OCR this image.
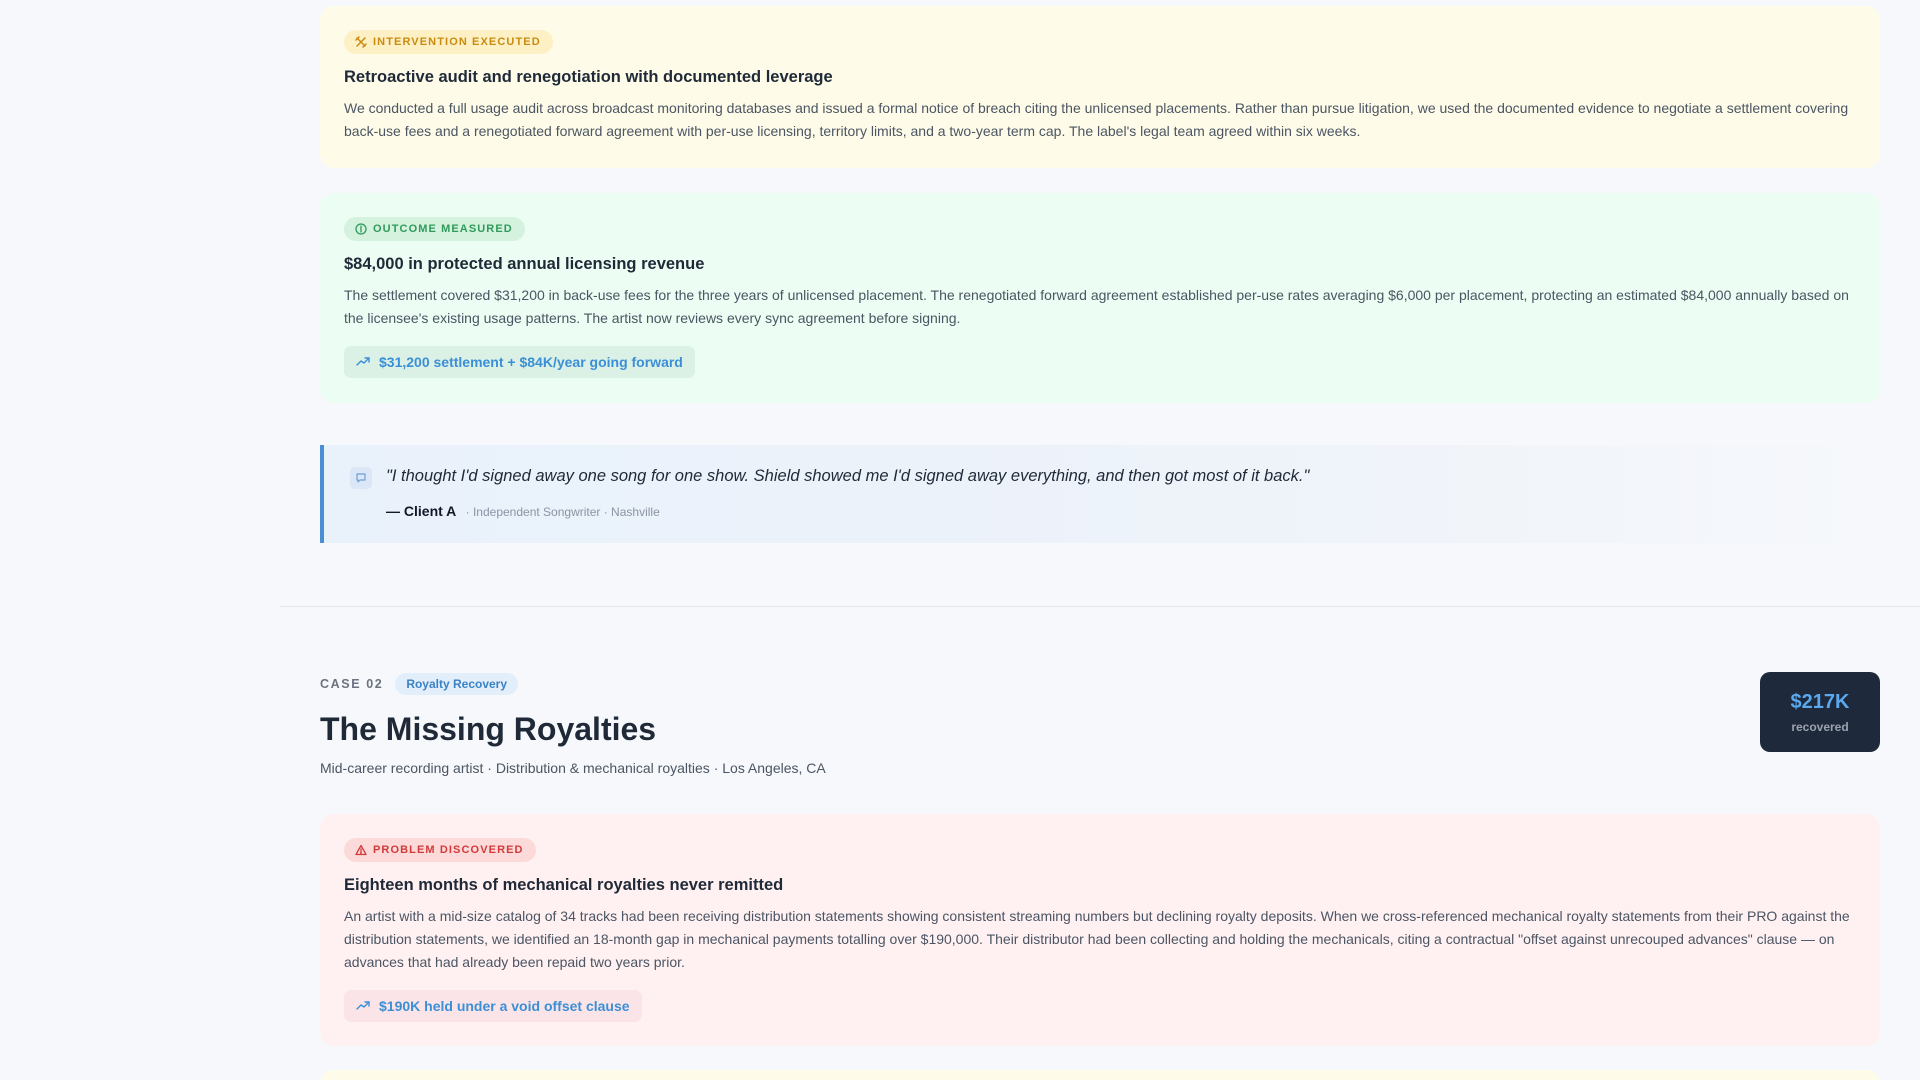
INTERVENTION EXECUTED
Retroactive audit and renegotiation with documented leverage

We conducted a full usage audit across broadcast monitoring databases and issued a formal notice of breach citing the unlicensed placements. Rather than pursue litigation, we used the documented evidence to negotiate a settlement covering back-use fees and a renegotiated forward agreement with per-use licensing, territory limits, and a two-year term cap. The label's legal team agreed within six weeks.

OUTCOME MEASURED
$84,000 in protected annual licensing revenue

The settlement covered $31,200 in back-use fees for the three years of unlicensed placement. The renegotiated forward agreement established per-use rates averaging $6,000 per placement, protecting an estimated $84,000 annually based on the licensee's existing usage patterns. The artist now reviews every sync agreement before signing.

$31,200 settlement + $84K/year going forward
"I thought I'd signed away one song for one show. Shield showed me I'd signed away everything, and then got most of it back."
— Client A · Independent Songwriter · Nashville
CASE 02	Royalty Recovery
The Missing Royalties
Mid-career recording artist · Distribution & mechanical royalties · Los Angeles, CA
$217K
recovered
PROBLEM DISCOVERED
Eighteen months of mechanical royalties never remitted

An artist with a mid-size catalog of 34 tracks had been receiving distribution statements showing consistent streaming numbers but declining royalty deposits. When we cross-referenced mechanical royalty statements from their PRO against the distribution statements, we identified an 18-month gap in mechanical payments totalling over $190,000. Their distributor had been collecting and holding the mechanicals, citing a contractual "offset against unrecouped advances" clause — on advances that had already been repaid two years prior.

$190K held under a void offset clause
